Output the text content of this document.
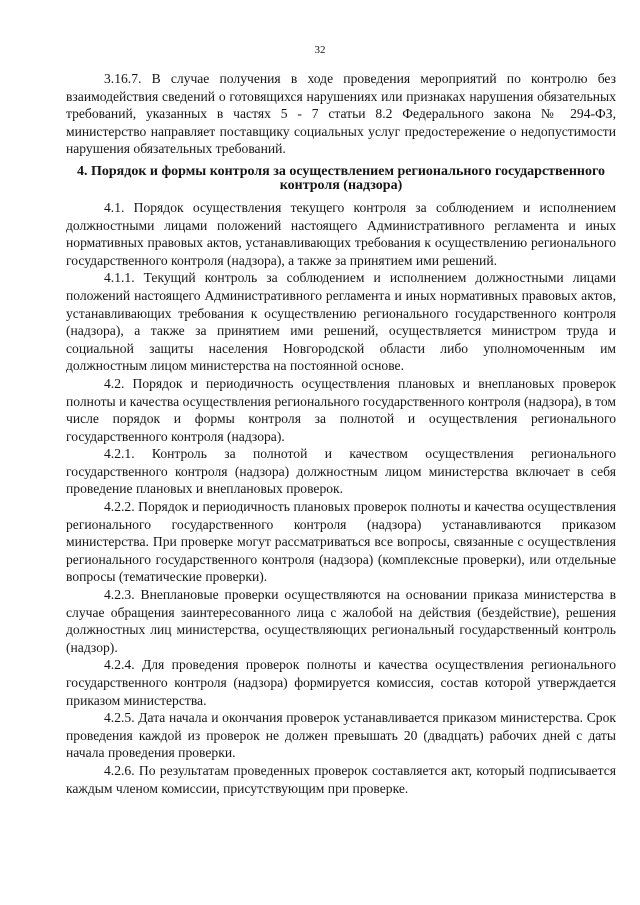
32

3.16.7. В случае получения в ходе проведения мероприятий по контролю без взаимодействия сведений о готовящихся нарушениях или признаках нарушения обязательных требований, указанных в частях 5 - 7 статьи 8.2 Федерального закона № 294-ФЗ, министерство направляет поставщику социальных услуг предостережение о недопустимости нарушения обязательных требований.

4. Порядок и формы контроля за осуществлением регионального государственного контроля (надзора)

4.1. Порядок осуществления текущего контроля за соблюдением и исполнением должностными лицами положений настоящего Административного регламента и иных нормативных правовых актов, устанавливающих требования к осуществлению регионального государственного контроля (надзора), а также за принятием ими решений.

4.1.1. Текущий контроль за соблюдением и исполнением должностными лицами положений настоящего Административного регламента и иных нормативных правовых актов, устанавливающих требования к осуществлению регионального государственного контроля (надзора), а также за принятием ими решений, осуществляется министром труда и социальной защиты населения Новгородской области либо уполномоченным им должностным лицом министерства на постоянной основе.

4.2. Порядок и периодичность осуществления плановых и внеплановых проверок полноты и качества осуществления регионального государственного контроля (надзора), в том числе порядок и формы контроля за полнотой и осуществления регионального государственного контроля (надзора).

4.2.1. Контроль за полнотой и качеством осуществления регионального государственного контроля (надзора) должностным лицом министерства включает в себя проведение плановых и внеплановых проверок.

4.2.2. Порядок и периодичность плановых проверок полноты и качества осуществления регионального государственного контроля (надзора) устанавливаются приказом министерства. При проверке могут рассматриваться все вопросы, связанные с осуществления регионального государственного контроля (надзора) (комплексные проверки), или отдельные вопросы (тематические проверки).

4.2.3. Внеплановые проверки осуществляются на основании приказа министерства в случае обращения заинтересованного лица с жалобой на действия (бездействие), решения должностных лиц министерства, осуществляющих региональный государственный контроль (надзор).

4.2.4. Для проведения проверок полноты и качества осуществления регионального государственного контроля (надзора) формируется комиссия, состав которой утверждается приказом министерства.

4.2.5. Дата начала и окончания проверок устанавливается приказом министерства. Срок проведения каждой из проверок не должен превышать 20 (двадцать) рабочих дней с даты начала проведения проверки.

4.2.6. По результатам проведенных проверок составляется акт, который подписывается каждым членом комиссии, присутствующим при проверке.
